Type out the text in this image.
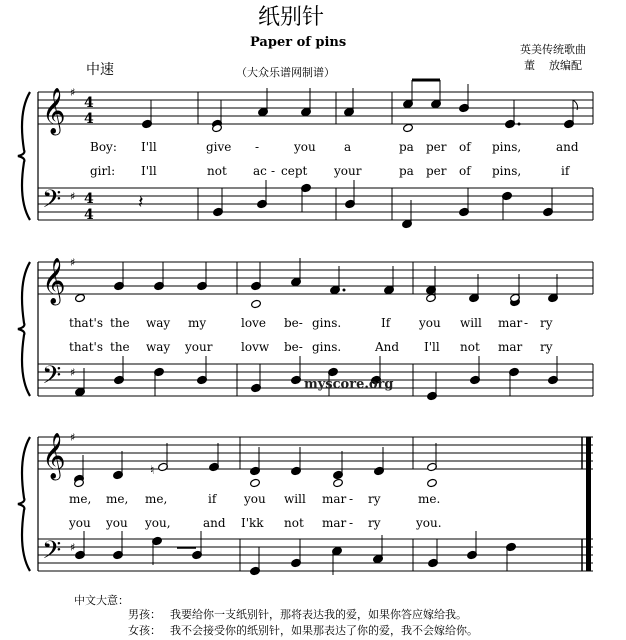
𝄞
𝄢
♯
♯
4
4
4
4
𝄞
𝄢
♯
♯
𝄞
𝄢
♯
♯
𝄽
♮
纸别针
Paper of pins
中速	（大众乐谱网制谱）
英美传统歌曲
董    放编配
myscore.org
Boy: I'll	give -	you a	pa per of pins,	and
girl: I'll	not ac - cept your	pa per of pins,	if
that's the way my	love be- gins.	If you will mar - ry
that's the way your lovw be- gins.	And I'll not mar ry
me, me, me,	if you will mar - ry	me.
you you you,	and I'kk not mar - ry	you.
中文大意：
男孩： 我要给你一支纸别针，那将表达我的爱，如果你答应嫁给我。
女孩： 我不会接受你的纸别针，如果那表达了你的爱，我不会嫁给你。
